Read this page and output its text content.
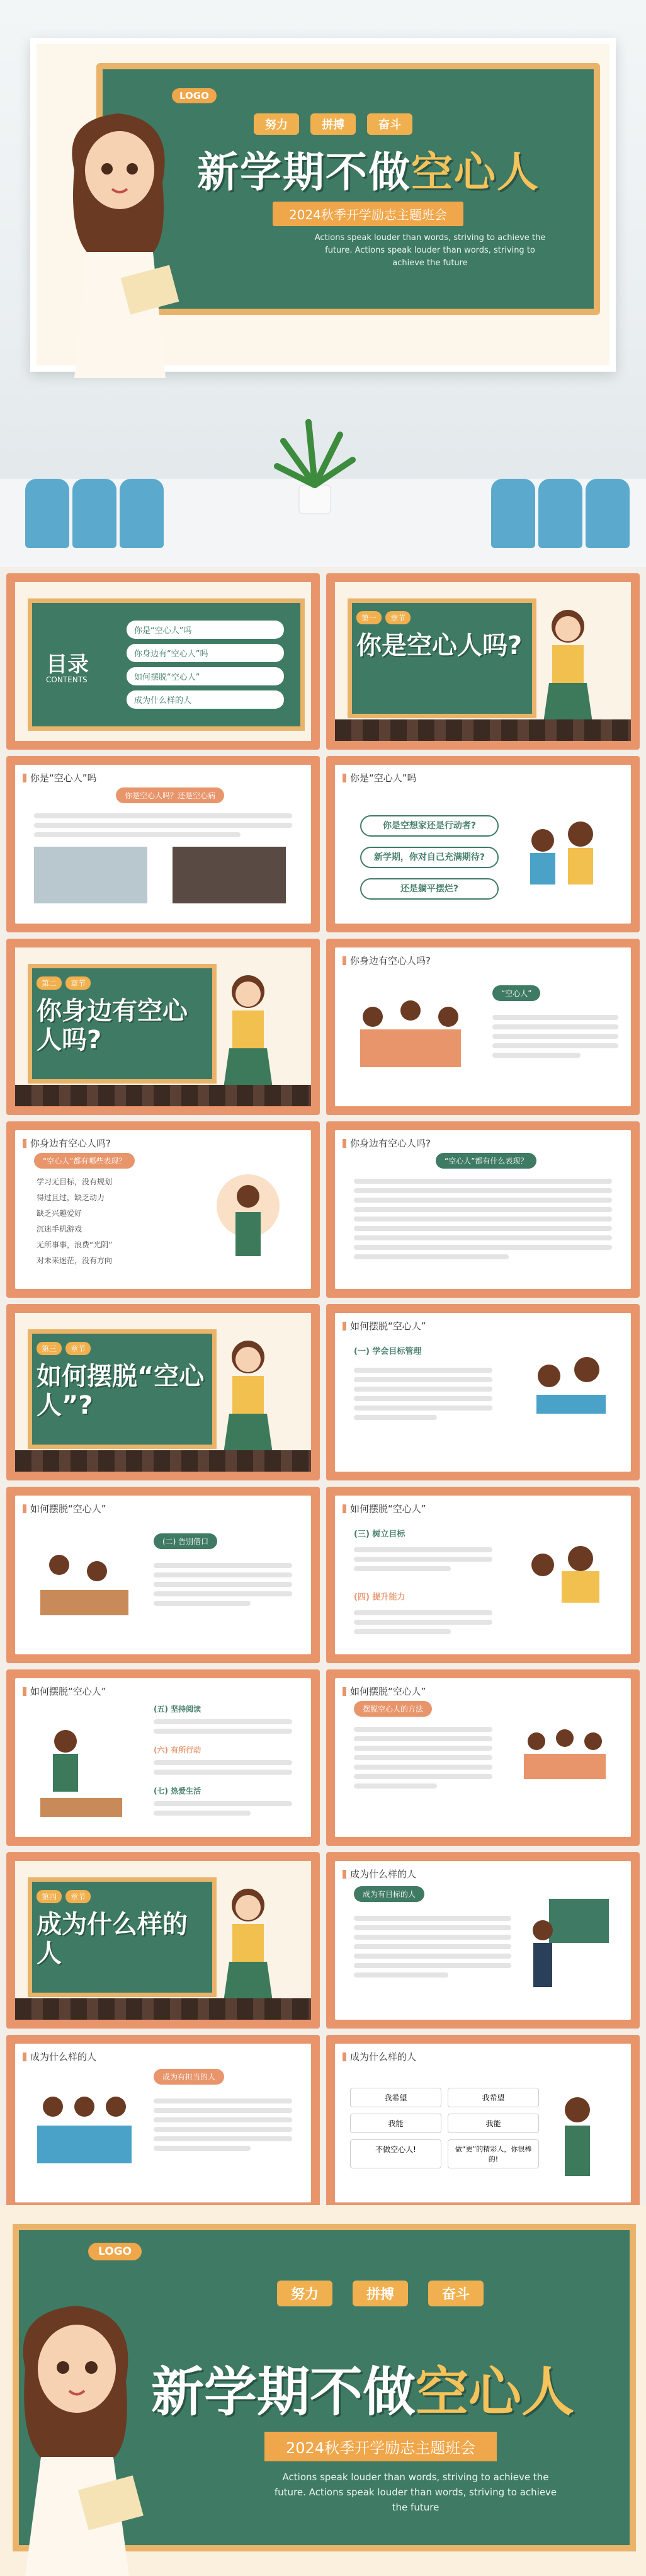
LOGO
努力	拼搏	奋斗
新学期不做空心人
2024秋季开学励志主题班会
Actions speak louder than words, striving to achieve the future. Actions speak louder than words, striving to achieve the future
目录
CONTENTS
你是“空心人”吗
你身边有“空心人”吗
如何摆脱“空心人”
成为什么样的人
第一	章节
你是空心人吗?
你是“空心人”吗
你是空心人吗？还是空心病
你是“空心人”吗
你是空想家还是行动者?
新学期，你对自己充满期待?
还是躺平摆烂?
第二	章节
你身边有空心人吗?
你身边有空心人吗?
“空心人”
你身边有空心人吗?
“空心人”都有哪些表现？
学习无目标，没有规划
得过且过，缺乏动力
缺乏兴趣爱好
沉迷手机游戏
无所事事，浪费“光阴”
对未来迷茫，没有方向
你身边有空心人吗?
“空心人”都有什么表现？
第三	章节
如何摆脱“空心人”?
如何摆脱“空心人”
(一) 学会目标管理
如何摆脱“空心人”
(二) 告别借口
如何摆脱“空心人”
(三) 树立目标
(四) 提升能力
如何摆脱“空心人”
(五) 坚持阅读
(六) 有所行动
(七) 热爱生活
如何摆脱“空心人”
摆脱空心人的方法
第四	章节
成为什么样的人
成为什么样的人
成为有目标的人
成为什么样的人
成为有担当的人
成为什么样的人
我希望	我希望
我能	我能
不做空心人!	做“更”的精彩人，你很棒的!
LOGO
努力	拼搏	奋斗
新学期不做空心人
2024秋季开学励志主题班会
Actions speak louder than words, striving to achieve the future. Actions speak louder than words, striving to achieve the future
